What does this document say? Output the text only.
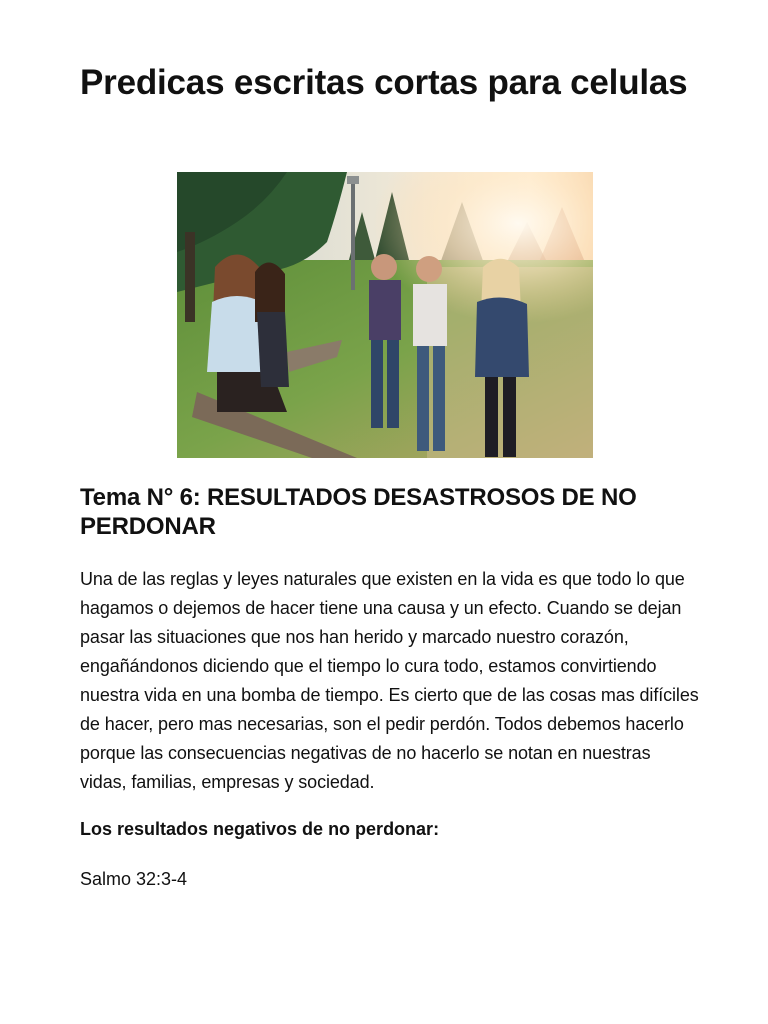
Predicas escritas cortas para celulas
Tema N° 6: RESULTADOS DESASTROSOS DE NO PERDONAR

Una de las reglas y leyes naturales que existen en la vida es que todo lo que hagamos o dejemos de hacer tiene una causa y un efecto. Cuando se dejan pasar las situaciones que nos han herido y marcado nuestro corazón, engañándonos diciendo que el tiempo lo cura todo, estamos convirtiendo nuestra vida en una bomba de tiempo. Es cierto que de las cosas mas difíciles de hacer, pero mas necesarias, son el pedir perdón. Todos debemos hacerlo porque las consecuencias negativas de no hacerlo se notan en nuestras vidas, familias, empresas y sociedad.

Los resultados negativos de no perdonar:

Salmo 32:3-4
